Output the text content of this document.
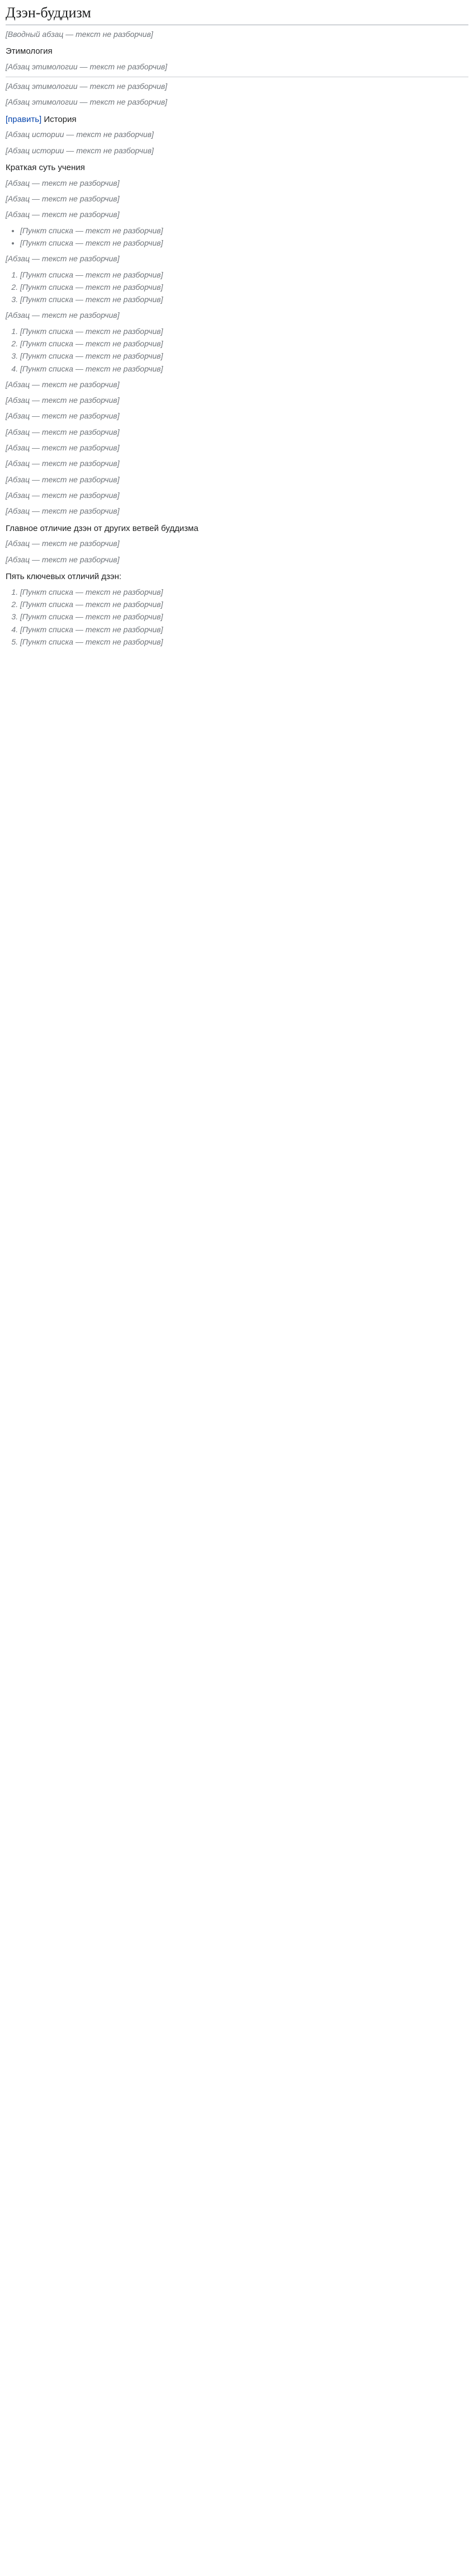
Дзэн-буддизм

[Вводный абзац — текст не разборчив]

Этимология

[Абзац этимологии — текст не разборчив]

[Абзац этимологии — текст не разборчив]

[Абзац этимологии — текст не разборчив]

[править] История

[Абзац истории — текст не разборчив]

[Абзац истории — текст не разборчив]

Краткая суть учения

[Абзац — текст не разборчив]

[Абзац — текст не разборчив]

[Абзац — текст не разборчив]

• [Пункт списка — текст не разборчив]
• [Пункт списка — текст не разборчив]

[Абзац — текст не разборчив]

1. [Пункт списка — текст не разборчив]
2. [Пункт списка — текст не разборчив]
3. [Пункт списка — текст не разборчив]

[Абзац — текст не разборчив]

1. [Пункт списка — текст не разборчив]
2. [Пункт списка — текст не разборчив]
3. [Пункт списка — текст не разборчив]
4. [Пункт списка — текст не разборчив]

[Абзац — текст не разборчив]

[Абзац — текст не разборчив]

[Абзац — текст не разборчив]

[Абзац — текст не разборчив]

[Абзац — текст не разборчив]

[Абзац — текст не разборчив]

[Абзац — текст не разборчив]

[Абзац — текст не разборчив]

[Абзац — текст не разборчив]

Главное отличие дзэн от других ветвей буддизма

[Абзац — текст не разборчив]

[Абзац — текст не разборчив]

Пять ключевых отличий дзэн:
1. [Пункт списка — текст не разборчив]
2. [Пункт списка — текст не разборчив]
3. [Пункт списка — текст не разборчив]
4. [Пункт списка — текст не разборчив]
5. [Пункт списка — текст не разборчив]
